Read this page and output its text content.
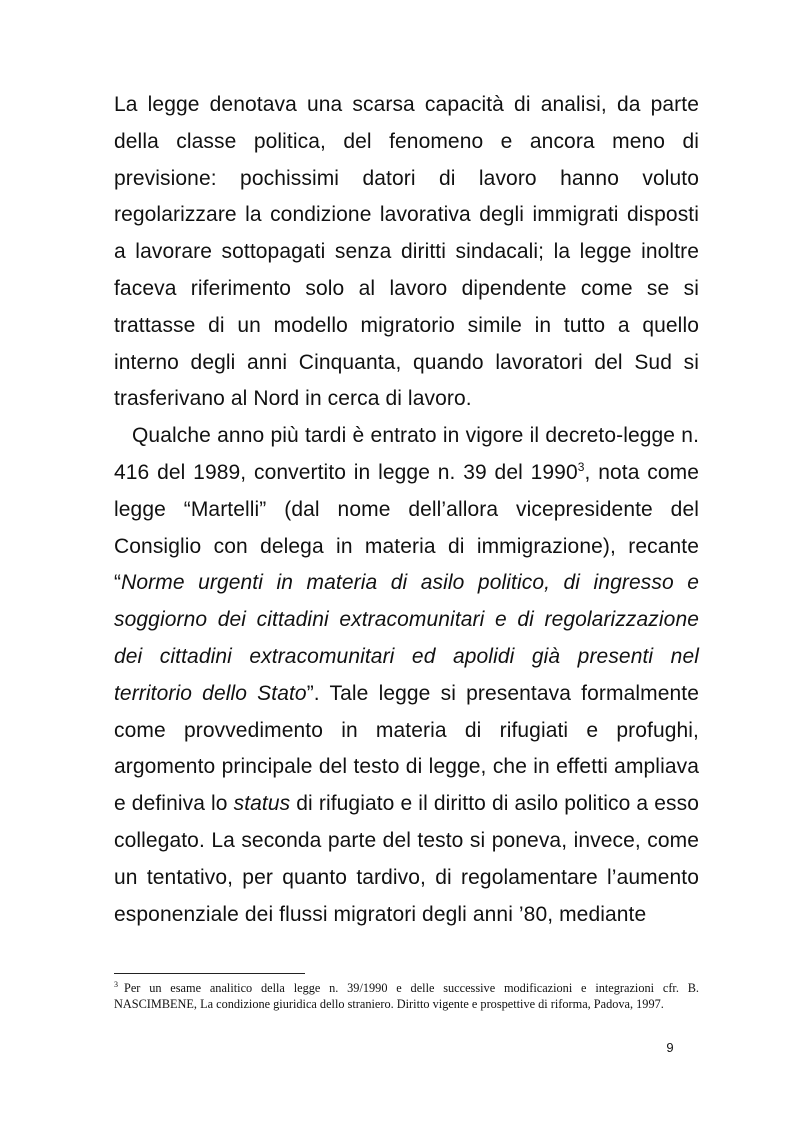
La legge denotava una scarsa capacità di analisi, da parte della classe politica, del fenomeno e ancora meno di previsione: pochissimi datori di lavoro hanno voluto regolarizzare la condizione lavorativa degli immigrati disposti a lavorare sottopagati senza diritti sindacali; la legge inoltre faceva riferimento solo al lavoro dipendente come se si trattasse di un modello migratorio simile in tutto a quello interno degli anni Cinquanta, quando lavoratori del Sud si trasferivano al Nord in cerca di lavoro.

Qualche anno più tardi è entrato in vigore il decreto-legge n. 416 del 1989, convertito in legge n. 39 del 1990$^3$, nota come legge “Martelli” (dal nome dell’allora vicepresidente del Consiglio con delega in materia di immigrazione), recante “Norme urgenti in materia di asilo politico, di ingresso e soggiorno dei cittadini extracomunitari e di regolarizzazione dei cittadini extracomunitari ed apolidi già presenti nel territorio dello Stato”. Tale legge si presentava formalmente come provvedimento in materia di rifugiati e profughi, argomento principale del testo di legge, che in effetti ampliava e definiva lo status di rifugiato e il diritto di asilo politico a esso collegato. La seconda parte del testo si poneva, invece, come un tentativo, per quanto tardivo, di regolamentare l’aumento esponenziale dei flussi migratori degli anni ’80, mediante

$^3$ Per un esame analitico della legge n. 39/1990 e delle successive modificazioni e integrazioni cfr. B. NASCIMBENE, La condizione giuridica dello straniero. Diritto vigente e prospettive di riforma, Padova, 1997.
9
